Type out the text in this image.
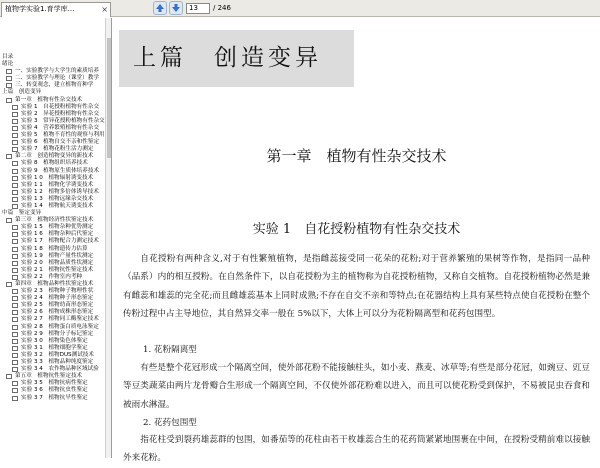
植物学实验1.育学库...	×	13	/ 246
目录
绪论
一、实验教学与大学生的素质培养
二、实验教学与理论（课堂）教学
三、转变观念，建立植物育种学
上篇　创造变异
第一章　植物有性杂交技术
实验 1　自花授粉植物有性杂交
实验 2　异花授粉植物有性杂交
实验 3　常异花授粉植物有性杂交
实验 4　营养繁殖植物有性杂交
实验 5　植物不育性的观察与利用
实验 6　植物自交不亲和性鉴定
实验 7　植物花粉生活力测定
第二章　创造植物变异的新技术
实验 8　植物组织培养技术
实验 9　植物原生质体培养技术
实验 1 0　植物辐射诱变技术
实验 1 1　植物化学诱变技术
实验 1 2　植物多倍体诱导技术
实验 1 3　植物远缘杂交技术
实验 1 4　植物航天诱变技术
中篇　鉴定变异
第三章　植物经济性状鉴定技术
实验 1 5　植物杂种优势测定
实验 1 6　植物杂种后代鉴定
实验 1 7　植物配合力测定技术
实验 1 8　植物遗传力估算
实验 1 9　植物产量性状测定
实验 2 0　植物品质性状测定
实验 2 1　植物抗性鉴定技术
实验 2 2　作物室内考种
第四章　植物品种性状鉴定技术
实验 2 3　植物种子物理性状
实验 2 4　植物种子形态鉴定
实验 2 5　植物幼苗形态鉴定
实验 2 6　植物成株形态鉴定
实验 2 7　植物同工酶鉴定技术
实验 2 8　植物蛋白质电泳鉴定
实验 2 9　植物分子标记鉴定
实验 3 0　植物染色体鉴定
实验 3 1　植物细胞学鉴定
实验 3 2　植物DUS测试技术
实验 3 3　植物品种纯度鉴定
实验 3 4　农作物品种区域试验
第五章　植物抗性鉴定技术
实验 3 5　植物抗病性鉴定
实验 3 6　植物抗虫性鉴定
实验 3 7　植物抗旱性鉴定
上篇　创造变异
第一章　植物有性杂交技术
实验 1　自花授粉植物有性杂交技术
自花授粉有两种含义,对于有性繁殖植物，是指雌蕊接受同一花朵的花粉;对于营养繁殖的果树等作物，是指同一品种（品系）内的相互授粉。在自然条件下，以自花授粉为主的植物称为自花授粉植物，又称自交植物。自花授粉植物必然是兼有雌蕊和雄蕊的完全花;而且雌雄蕊基本上同时成熟;不存在自交不亲和等特点;在花器结构上具有某些特点使自花授粉在整个传粉过程中占主导地位，其自然异交率一般在 5%以下，大体上可以分为花粉隔离型和花药包围型。
1. 花粉隔离型
有些是整个花冠形成一个隔离空间，使外部花粉不能接触柱头，如小麦、燕麦、冰草等;有些是部分花冠，如豌豆、豇豆等豆类蔬菜由两片龙骨瓣合生形成一个隔离空间，不仅使外部花粉难以进入，而且可以使花粉受到保护，不易被昆虫吞食和被雨水淋湿。
2. 花药包围型
指花柱受到裂药雄蕊群的包围，如番茄等的花柱由若干枚雄蕊合生的花药筒紧紧地围裹在中间，在授粉受精前难以接触外来花粉。
